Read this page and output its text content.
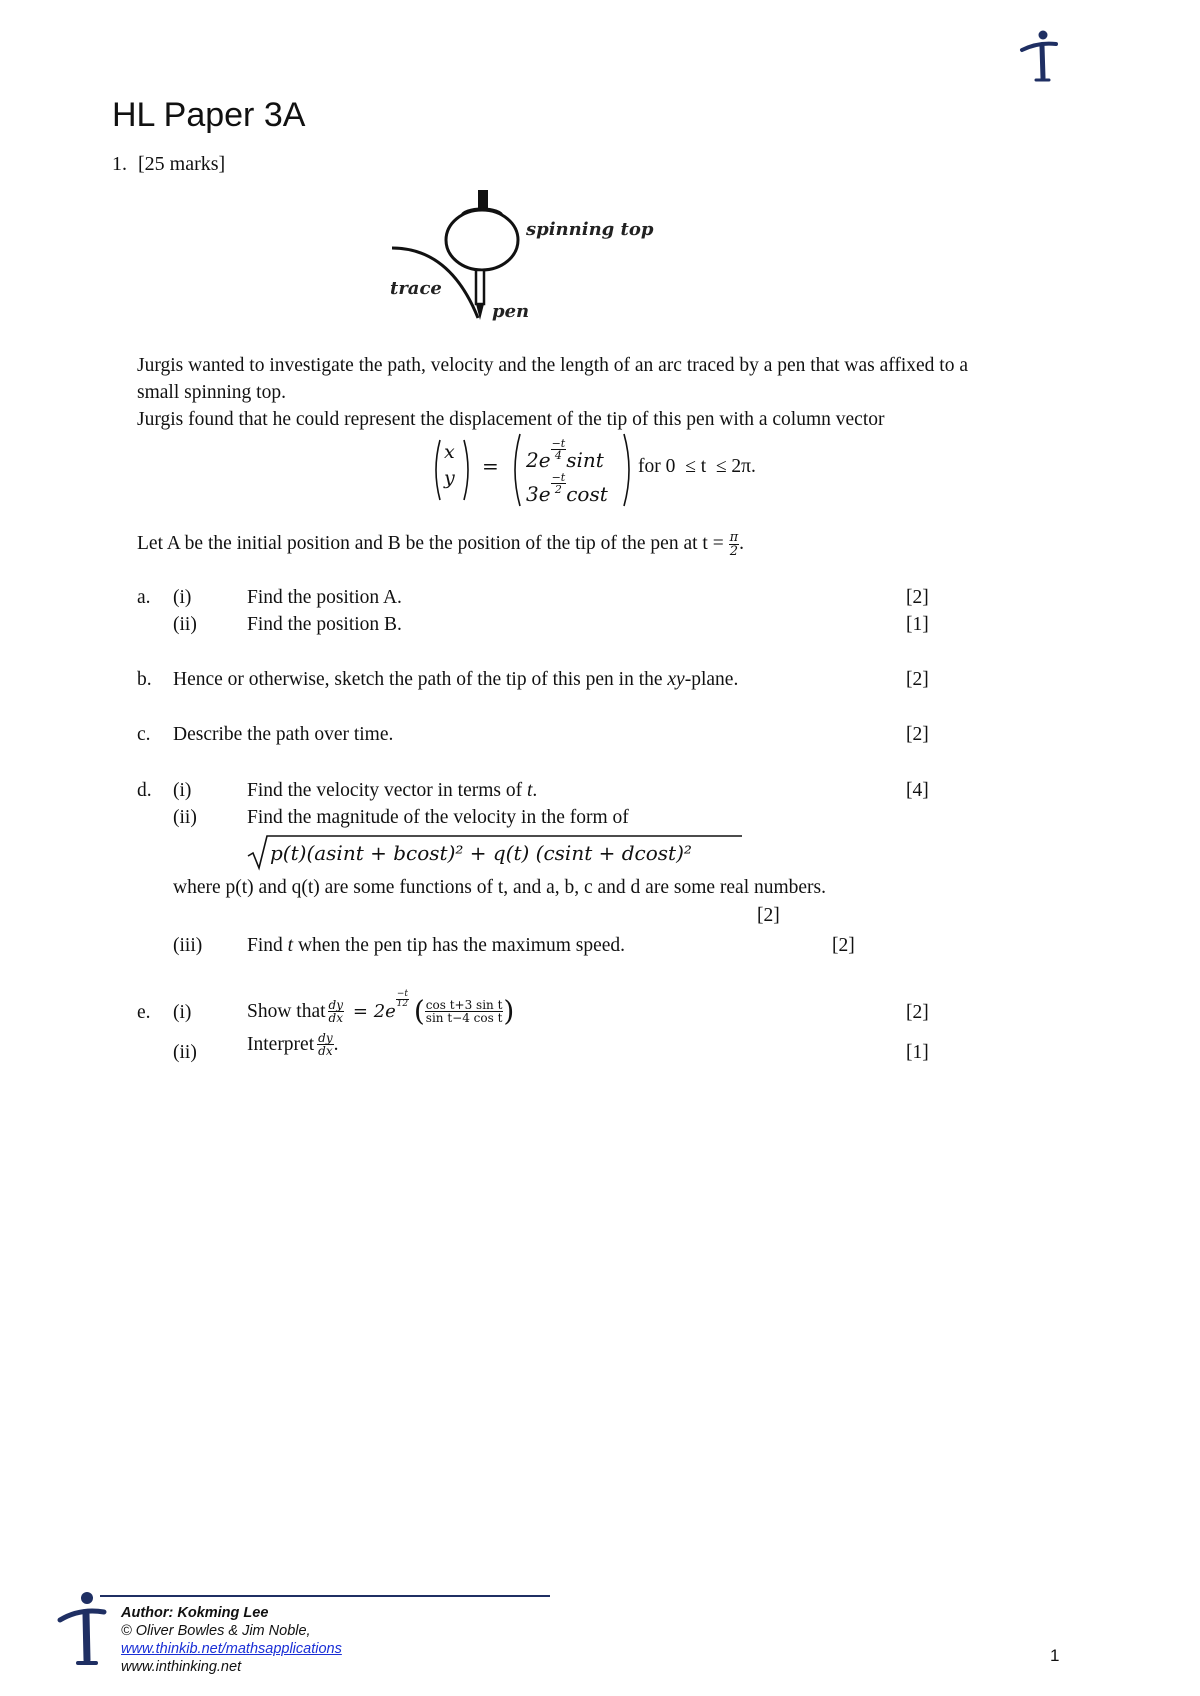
HL Paper 3A
1. [25 marks]
spinning top
trace
pen
Jurgis wanted to investigate the path, velocity and the length of an arc traced by a pen that was affixed to a
small spinning top.
Jurgis found that he could represent the displacement of the tip of this pen with a column vector
x
$y = 2e \frac{-t}{4}$ sint
$3e \frac{-t}{2}$ cost
for 0  ≤ t  ≤ 2π.
Let A be the initial position and B be the position of the tip of the pen at $t = \frac{\pi}{2}$ .
a. (i)	Find the position A.	[2]
(ii)	Find the position B.	[1]
b. Hence or otherwise, sketch the path of the tip of this pen in the xy-plane.	[2]
c. Describe the path over time.	[2]
d. (i)	Find the velocity vector in terms of t.	[4]
(ii)	Find the magnitude of the velocity in the form of
p(t)(asint + bcost)² + q(t) (csint + dcost)²
where p(t) and q(t) are some functions of t, and a, b, c and d are some real numbers.
[2]
(iii) Find t when the pen tip has the maximum speed.	[2]
e. (i)	Show that $\frac{dy}{dx} = 2e$
$\frac{-t}{12}$ ( $\frac{\text{cos t+3 sin t}}{\text{sin t−4 cos t}}$ )	[2]
(ii)	Interpret $\frac{dy}{dx}$ .	[1]
Author: Kokming Lee
© Oliver Bowles & Jim Noble,
www.thinkib.net/mathsapplications
www.inthinking.net
1
